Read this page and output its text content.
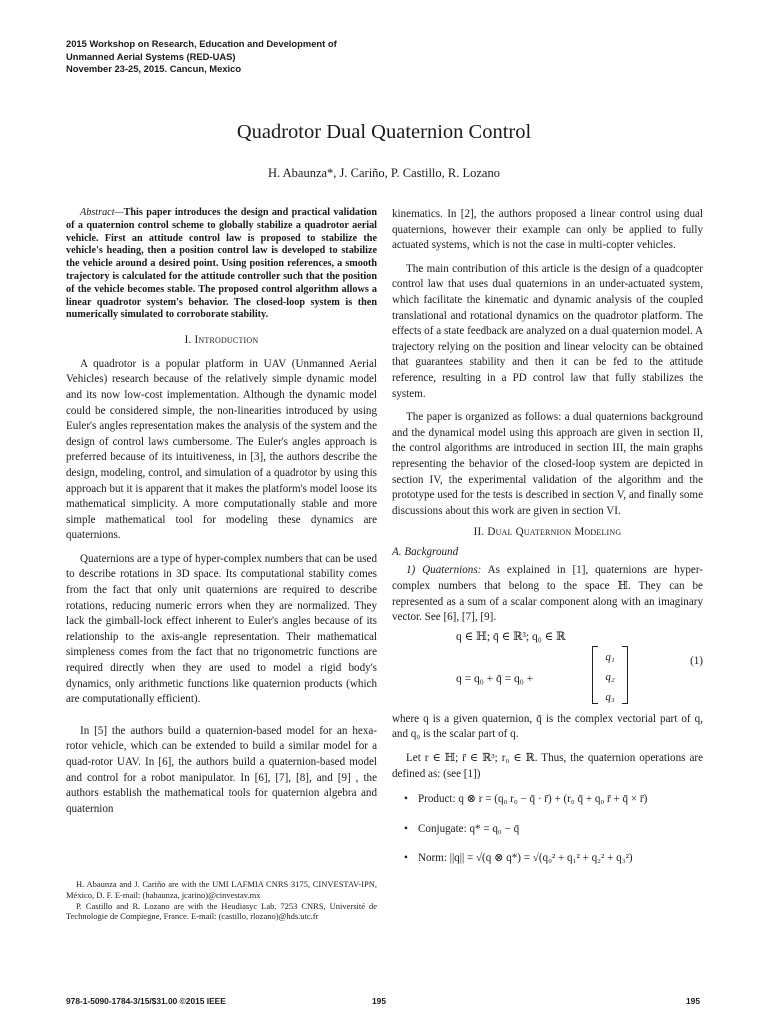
2015 Workshop on Research, Education and Development of
Unmanned Aerial Systems (RED-UAS)
November 23-25, 2015. Cancun, Mexico
Quadrotor Dual Quaternion Control
H. Abaunza*, J. Cariño, P. Castillo, R. Lozano

Abstract—This paper introduces the design and practical validation of a quaternion control scheme to globally stabilize a quadrotor aerial vehicle. First an attitude control law is proposed to stabilize the vehicle's heading, then a position control law is developed to stabilize the vehicle around a desired point. Using position references, a smooth trajectory is calculated for the attitude controller such that the position of the vehicle becomes stable. The proposed control algorithm allows a linear quadrotor system's behavior. The closed-loop system is then numerically simulated to corroborate stability.

I. Introduction

A quadrotor is a popular platform in UAV (Unmanned Aerial Vehicles) research because of the relatively simple dynamic model and its now low-cost implementation. Although the dynamic model could be considered simple, the non-linearities introduced by using Euler's angles representation makes the analysis of the system and the design of control laws cumbersome. The Euler's angles approach is preferred because of its intuitiveness, in [3], the authors describe the design, modeling, control, and simulation of a quadrotor by using this approach but it is apparent that it makes the platform's model loose its mathematical simplicity. A more computationally stable and more simple mathematical tool for modeling these dynamics are quaternions.

Quaternions are a type of hyper-complex numbers that can be used to describe rotations in 3D space. Its computational stability comes from the fact that only unit quaternions are required to describe rotations, reducing numeric errors when they are normalized. They lack the gimball-lock effect inherent to Euler's angles because of its relationship to the axis-angle representation. Their mathematical simpleness comes from the fact that no trigonometric functions are required directly when they are used to model a rigid body's dynamics, only arithmetic functions like quaternion products (which are computationally efficient).

In [5] the authors build a quaternion-based model for an hexa-rotor vehicle, which can be extended to build a similar model for a quad-rotor UAV. In [6], the authors build a quaternion-based model and control for a robot manipulator. In [6], [7], [8], and [9] , the authors establish the mathematical tools for quaternion algebra and quaternion

H. Abaunza and J. Cariño are with the UMI LAFMIA CNRS 3175, CINVESTAV-IPN, México, D. F. E-mail: (habaunza, jcarino)@cinvestav.mx

P. Castillo and R. Lozano are with the Heudiasyc Lab. 7253 CNRS, Université de Technologie de Compiegne, France. E-mail: (castillo, rlozano)@hds.utc.fr

kinematics. In [2], the authors proposed a linear control using dual quaternions, however their example can only be applied to fully actuated systems, which is not the case in multi-copter vehicles.

The main contribution of this article is the design of a quadcopter control law that uses dual quaternions in an under-actuated system, which facilitate the kinematic and dynamic analysis of the coupled translational and rotational dynamics on the quadrotor platform. The effects of a state feedback are analyzed on a dual quaternion model. A trajectory relying on the position and linear velocity can be obtained that guarantees stability and then it can be fed to the attitude reference, resulting in a PD control law that fully stabilizes the system.

The paper is organized as follows: a dual quaternions background and the dynamical model using this approach are given in section II, the control algorithms are introduced in section III, the main graphs representing the behavior of the closed-loop system are depicted in section IV, the experimental validation of the algorithm and the prototype used for the tests is described in section V, and finally some discussions about this work are given in section VI.

II. Dual Quaternion Modeling
A. Background

1) Quaternions: As explained in [1], quaternions are hyper-complex numbers that belong to the space ℍ. They can be represented as a sum of a scalar component along with an imaginary vector. See [6], [7], [9].

q ∈ ℍ; q̄ ∈ ℝ³; q₀ ∈ ℝ
q = q₀ + q̄ = q₀ +
q₁
q₂
q₃
(1)

where q is a given quaternion, q̄ is the complex vectorial part of q, and q₀ is the scalar part of q.

Let r ∈ ℍ; r̄ ∈ ℝ³; r₀ ∈ ℝ. Thus, the quaternion operations are defined as: (see [1])

• Product: q ⊗ r = (q₀ r₀ − q̄ · r̄) + (r₀ q̄ + q₀ r̄ + q̄ × r̄)
• Conjugate: q* = q₀ − q̄
• Norm: ||q|| = √(q ⊗ q*) = √(q₀² + q₁² + q₂² + q₃²)
978-1-5090-1784-3/15/$31.00 ©2015 IEEE	195	195
